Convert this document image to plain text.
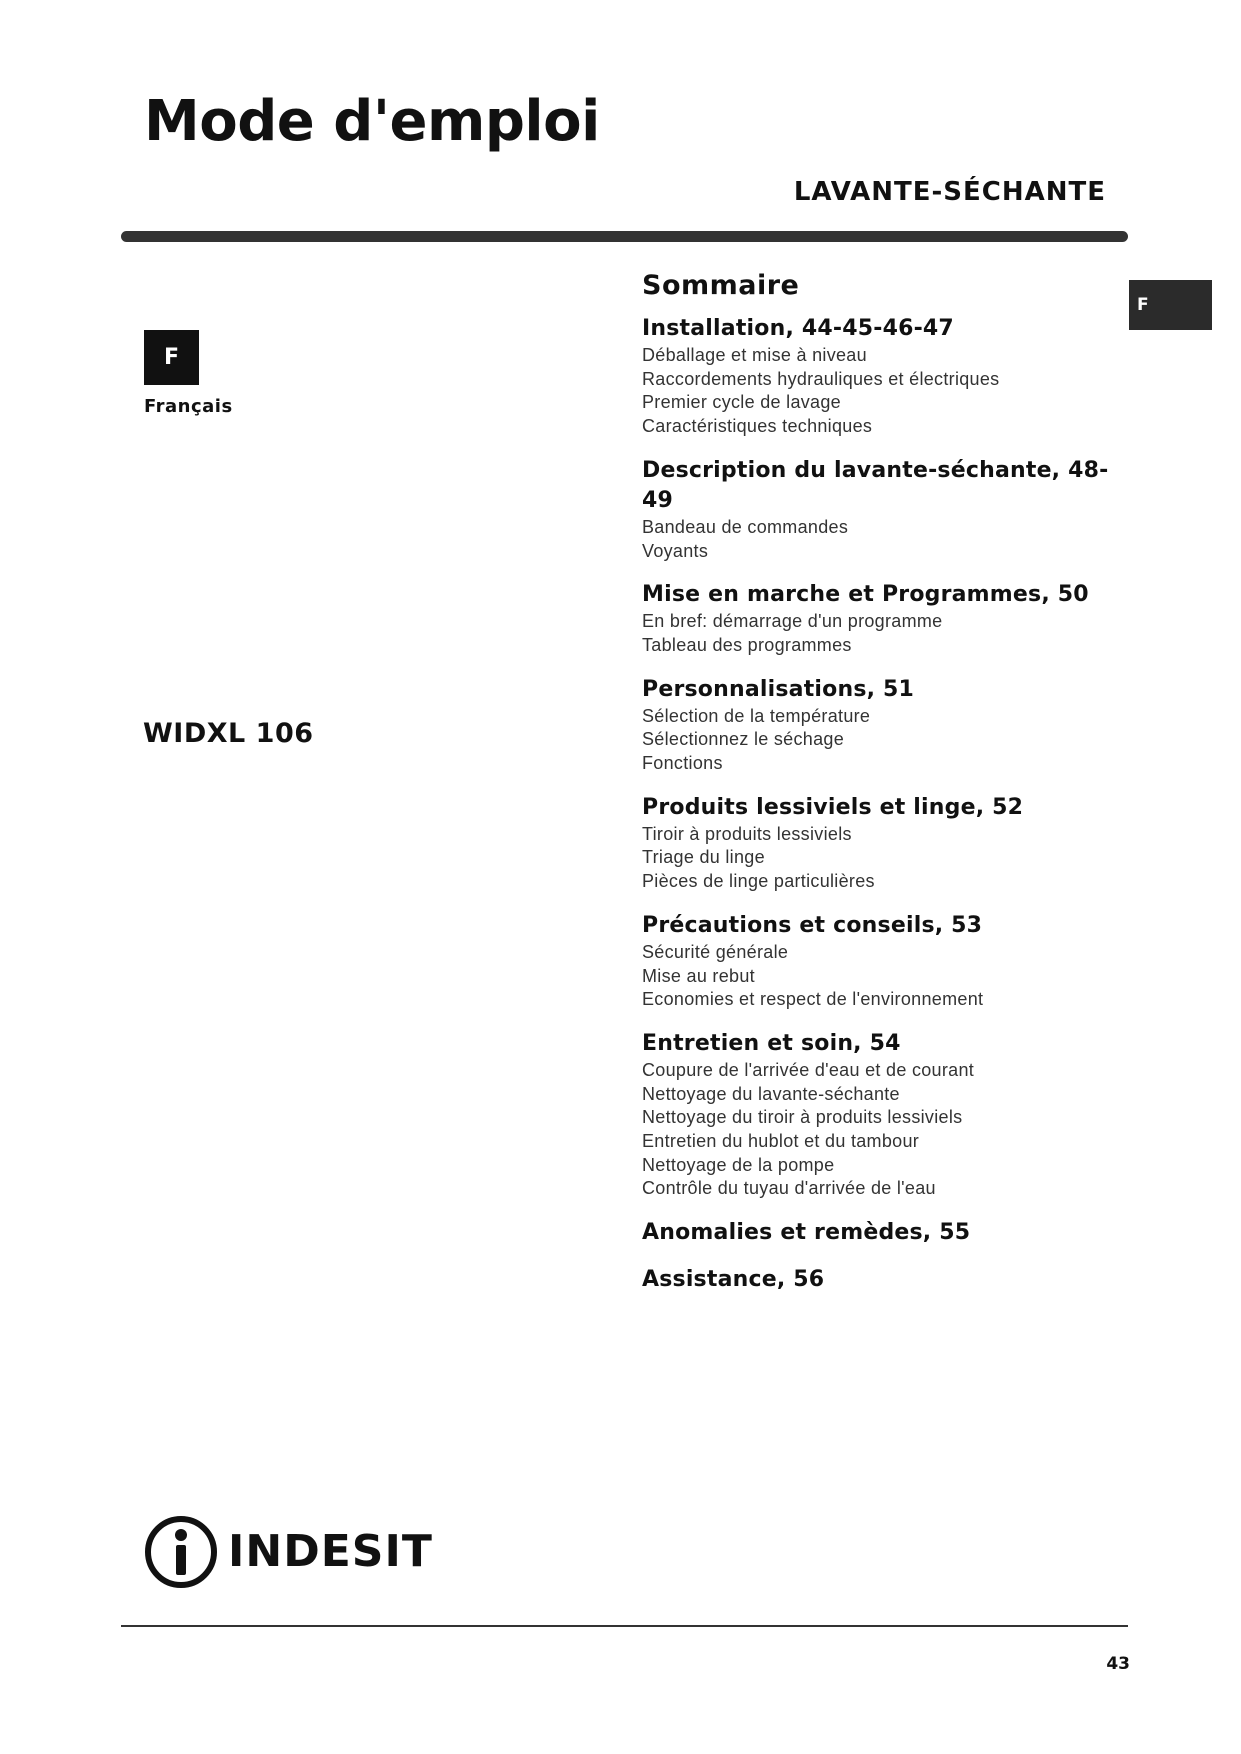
Mode d'emploi
LAVANTE-SÉCHANTE
F
F
Français
WIDXL 106
Sommaire
Installation, 44-45-46-47
Déballage et mise à niveau
Raccordements hydrauliques et électriques
Premier cycle de lavage
Caractéristiques techniques
Description du lavante-séchante, 48-49
Bandeau de commandes
Voyants
Mise en marche et Programmes, 50
En bref: démarrage d'un programme
Tableau des programmes
Personnalisations, 51
Sélection de la température
Sélectionnez le séchage
Fonctions
Produits lessiviels et linge, 52
Tiroir à produits lessiviels
Triage du linge
Pièces de linge particulières
Précautions et conseils, 53
Sécurité générale
Mise au rebut
Economies et respect de l'environnement
Entretien et soin, 54
Coupure de l'arrivée d'eau et de courant
Nettoyage du lavante-séchante
Nettoyage du tiroir à produits lessiviels
Entretien du hublot et du tambour
Nettoyage de la pompe
Contrôle du tuyau d'arrivée de l'eau
Anomalies et remèdes, 55
Assistance, 56
INDESIT
43
